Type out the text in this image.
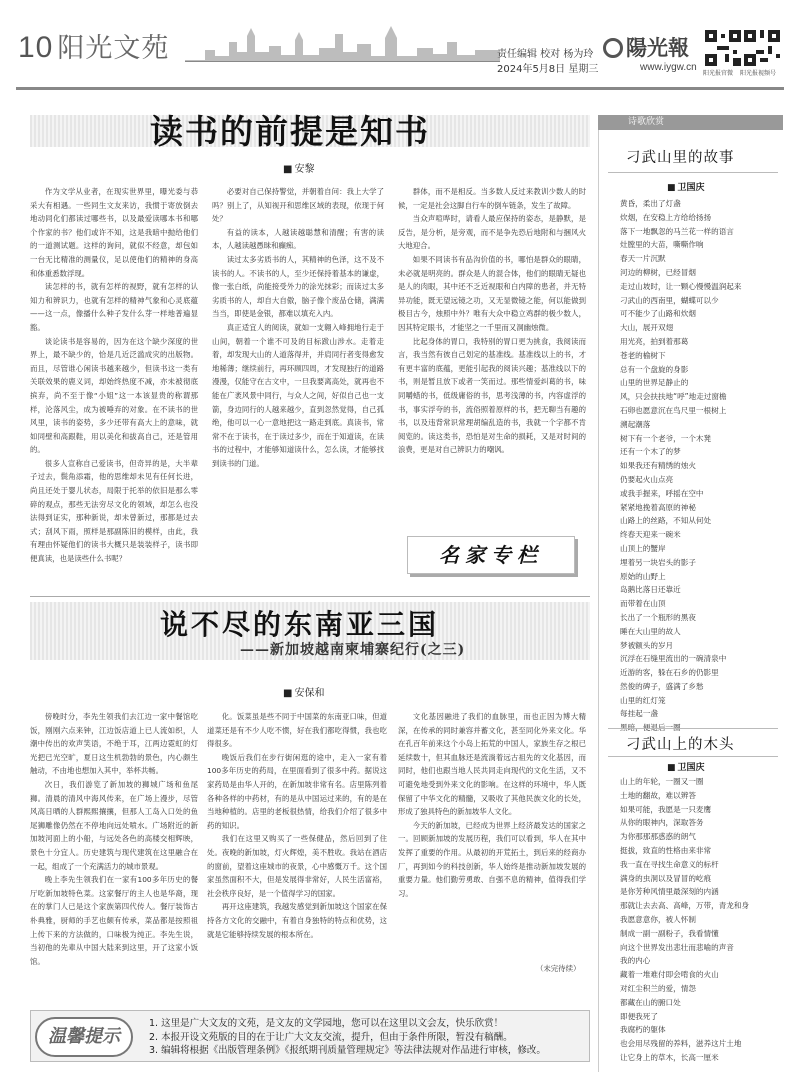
10 阳光文苑	责任编辑 校对 杨为玲
2024年5月8日 星期三
陽光報
www.iygw.cn
阳光报官微 阳光报视频号
读书的前提是知书
■ 安黎

作为文学从业者，在现实世界里，曝光委与恭采大有相遇。一些同生文友来访，我惯于寄放倒去地动同化们都读过哪些书，以及最爱读哪本书和哪个作家的书？他们或许不知，这是我暗中抛给他们的一道测试题。这样的询问，就似不经意，却包如一台无比精准的测量仪，足以使他们的精神的身高和体重悉数浮现。

读怎样的书，就有怎样的视野，就有怎样的认知力和辨识力，也就有怎样的精神气象和心灵底蕴——这一点，像播什么种子发什么芽一样地普遍显豁。

谈论读书是容易的，因为在这个缺少深度的世界上，最不缺少的，恰是几近泛滥成灾的出版物。而且，尽管谁心闲读书越来越少，但读书这一类有关联效果的鹿义词，却始终热度不减，亦未被彻底摈弃，尚不至于像“小姐”这一本该显贵的称谓那样，沦落风尘，成为被唾弃的对象。在不读书的世风里，读书的姿势，多少还带有高大上的意味，就如同壁和高跟鞋，用以美化和拔高自己，还是管用的。

很多人宣称自己爱读书，但奇异的是，大半辈子过去，鬓角添霜，他的思维却未见有任何长进，尚且还处于婴儿状态，局限于托举的依旧是那么零碎的观点，那些无法穷尽文化的领域，却怎么也没法得到证实，那种新说，却未曾新过，那都是过去式；刮风下雨，照样是那副陈旧的模样，由此，我有理由怀疑他们的读书大概只是装装样子，读书即便真读，也是读些什么书呢？

必要对自己保持警觉，并朝着自问：我上大学了吗？别上了，从知视开和思维区域的表现，依现于何处？

有益的读本，人越读越聪慧和清醒；有害的读本，人越读越愚昧和癫痴。

读过太多劣质书的人，其精神的色泽，这不及不读书的人。不读书的人，至少还保持着基本的谦虚，像一张白纸，尚能接受外力的涂光抹彩；而读过太多劣质书的人，却自大自傲，脑子像个废品仓储，满满当当，即使是金银，都难以填充入内。

真正适宜人的阅读，就如一支翱入峰拥地行走于山间，朝着一个谁不可及的目标跋山涉水。走着走着，却发现大山的人道落得并，并肩同行者变得愈发地稀薄；继续前行，再环顾四周，才发现独行的道路漫漫，仅能守在古文中，一旦我要离高处，就再也不能在广袤风景中同行，与众人之间，好似自己也一支箭，身边同行的人越来越少，直到忽然觉得，自己孤绝，他可以一心一意地把这一路走到底。真读书，常常不在于读书，在于读过多少，而在于知道读，在读书的过程中，才能够知道读什么，怎么读，才能够找到读书的门道。

群体，而不是相反。当多数人反过来教训少数人的时候，一定是社会这脚自行车的倒车链条，发生了故障。

当众声喧哗时，请看人最应保持的姿态，是静默，是反告，是分析，是旁观，而不是争先恐后地附和与捆风火大地迎合。

如果不同读书有品沟价值的书，哪怕是群众的眼睛，未必就是明亮的。群众是人的混合体，他们的眼睛无疑也是人的肉眼，其中还不乏近视眼和白内障的患者，并无特异功能，既无望远镜之功，又无显微镜之能，何以能做到极目古今，烛照中外？唯有大众中稳立鸡群的极少数人，因其特定眼书，才能坚之一千里而又洞幽烛微。

比起身体的胃口，我特别的胃口更为挑食，我阅读而言，我当然有彼自己划定的基准线。基准线以上的书，才有更丰富的底蕴，更能引起我的阅读兴趣；基准线以下的书，则是暂且放下或者一笑而过。那些情爱纠葛的书，味同嚼蜡的书，低级庸俗的书，思考浅薄的书，内容虚浮的书，事实浮夸的书，流俗照着原样的书，把无聊当有趣的书，以及违背常识常理胡编乱造的书，我就一个字都不肯阅览的。读这类书，恐怕是对生命的损耗，又是对时间的浪费，更是对自己辨识力的嘲讽。

名家专栏
说不尽的东南亚三国
——新加坡越南柬埔寨纪行(之三)
■ 安保和

傍晚时分，李先生领我们去江边一家中餐馆吃饭，刚刚六点来钟，江边饭店道上已人流如织，人潮中传出的欢声笑语，不绝于耳，江两边霓虹的灯光把已光空旷，夏日这生机勃勃的景色，内心颇生触动，不由地也想加入其中，举杯共畅。

次日，我们游览了新加坡的狮城广场和鱼尾狮。清晨的清风中海风传来，在广场上漫步，尽管风高日晒的人群熙熙攘攘，但那人工岛入口处的鱼尾狮雕像仍然在不停地向远处喷水。广场附近的新加坡河面上的小船，与远处各色的高楼交相辉映，景色十分宜人。历史建筑与现代建筑在这里融合在一起，组成了一个充满活力的城市景观。

晚上李先生领我们在一家有100多年历史的餐厅吃新加坡特色菜。这家餐厅的主人也是华裔，现在的掌门人已是这个家族第四代传人。餐厅装饰古朴典雅，厨师的手艺也颇有传承，菜品都是按照祖上传下来的方法做的，口味极为纯正。李先生说，当初他的先辈从中国大陆来到这里，开了这家小饭馆。

化。饭菜虽是些不同于中国菜的东南亚口味，但道道菜还是有不少人吃不惯，好在我们都吃得惯，我也吃得很多。

晚饭后我们在步行街闲逛的途中，走入一家有着100多年历史的药局，在里面看到了很多中药。据说这家药局是由华人开的，在新加坡非常有名。店里陈列着各种各样的中药材，有的是从中国运过来的，有的是在当地种植的。店里的老板很热情，给我们介绍了很多中药的知识。

我们在这里又购买了一些保健品，然后回到了住处。夜晚的新加坡，灯火辉煌，美不胜收。我站在酒店的窗前，望着这座城市的夜景，心中感慨万千。这个国家虽然面积不大，但是发展得非常好，人民生活富裕，社会秩序良好，是一个值得学习的国家。

再开这座建筑，我越发感觉到新加坡这个国家在保持各方文化的交融中，有着自身独特的特点和优势，这就是它能够持续发展的根本所在。

文化基因融进了我们的血脉里，而也正因为博大精深，在传承的同时兼容并蓄文化，甚至同化外来文化。华在孔百年前来这个小岛上拓荒的中国人，家族生存之根已延续数十，但其血脉还是流淌着远古祖先的文化基因，而同时，他们也跟当地人民共同走向现代的文化生活，又不可避免地受到外来文化的影响。在这样的环境中，华人既保留了中华文化的精髓，又吸收了其他民族文化的长处，形成了独具特色的新加坡华人文化。

今天的新加坡，已经成为世界上经济最发达的国家之一。回顾新加坡的发展历程，我们可以看到，华人在其中发挥了重要的作用。从最初的开荒拓土，到后来的经商办厂，再到如今的科技创新，华人始终是推动新加坡发展的重要力量。他们勤劳勇敢、自强不息的精神，值得我们学习。

（未完待续）
温馨提示
1. 这里是广大文友的文苑，是文友的文学园地，您可以在这里以文会友，快乐欣赏！
2. 本报开设文苑版的目的在于让广大文友交流，提升，但由于条件所限，暂没有稿酬。
3. 编辑将根据《出版管理条例》《报纸期刊质量管理规定》等法律法规对作品进行审核，修改。
诗歌欣赏
刁武山里的故事
■ 卫国庆
黄昏，柔出了灯盏
炊烟，在安稳上方给给扬扬
落下一地飘忽的马兰花一样的语言
灶膛里的大苗，嘶嘶作响
春天一片沉默
河边的柳树，已经冒烟
走过山坡时，让一颗心慢慢温润起来
刁武山的西南里，蝴蝶可以少
可不能少了山路和炊烟
大山，展开双翅
用光亮，拍到着那葛
苍老的榆树下
总有一个盘旋的身影
山里的世界足静止的
风，只会扶扶地“呼”地走过窗檐
石卵也愿意沉在鸟尺里一根树上
溯起潮落
树下有一个老爷，一个木凳
还有一个木了的梦
如果我还有精绣的烛火
仍要起火山点亮
或我手握来，呼摇在空中
紧紧地挽着高原的神秘
山路上的丝路，不知从何处
终春天迎来一碗米
山顶上的蟹岸
埋着另一块岩头的影子
原始的山野上
岛鹅比落日还靠近
而带着在山顶
长出了一个瓶形的黑夜
睡在大山里的故人
梦被额头的岁月
沉浮在石缝里流出的一碗清泉中
近游的客，躲在石乡的仍影里
然俊的碑子，盛满了乡愁
山里的红灯笼
每挂起一盏
刁武山上的木头
■ 卫国庆
山上的年轮，一圈又一圈
土地的翻故，难以辨答
如果可能，我愿是一只麦鹰
从你的眼神内，深取答务
为你那那那惑惑的朗气
挺拔，致直的性格由来非常
我一直在寻找生命意义的标杆
满身的虫洞以及冒冒的屹痕
是你芳种风情里最深刻的内涵
那就让去去高、高峰，万带，青龙和身
我愿意意你，被人怀制
制成一副一副粉子，我看情懂
向这个世界发出悲壮而悲喻的声音
我的内心
藏着一堆难付即会啃食的火山
对红尘积兰的爱，情怨
都藏在山的腑口处
即便我死了
我腐朽的躯体
也会用尽残留的养料，滋养这片土地
让它身上的草木，长高一厘米
